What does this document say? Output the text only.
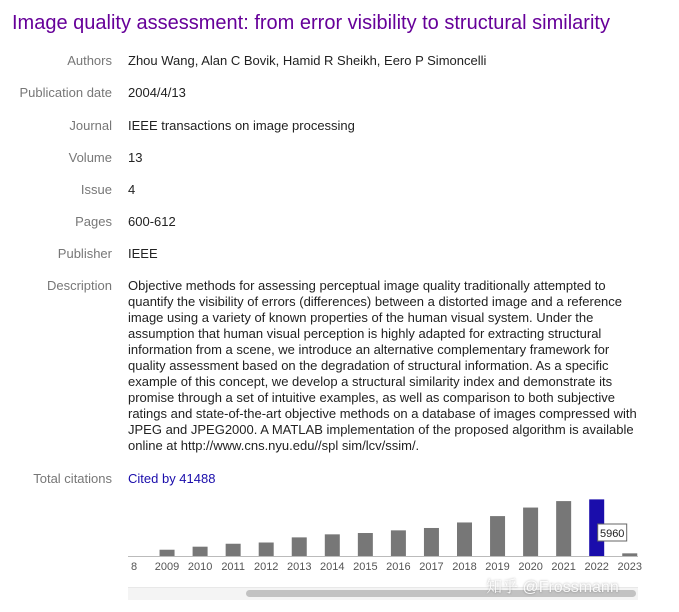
Image quality assessment: from error visibility to structural similarity
Authors Zhou Wang, Alan C Bovik, Hamid R Sheikh, Eero P Simoncelli
Publication date 2004/4/13
Journal IEEE transactions on image processing
Volume 13
Issue 4
Pages 600-612
Publisher IEEE
Description Objective methods for assessing perceptual image quality traditionally attempted to
quantify the visibility of errors (differences) between a distorted image and a reference
image using a variety of known properties of the human visual system. Under the
assumption that human visual perception is highly adapted for extracting structural
information from a scene, we introduce an alternative complementary framework for
quality assessment based on the degradation of structural information. As a specific
example of this concept, we develop a structural similarity index and demonstrate its
promise through a set of intuitive examples, as well as comparison to both subjective
ratings and state-of-the-art objective methods on a database of images compressed with
JPEG and JPEG2000. A MATLAB implementation of the proposed algorithm is available
online at http://www.cns.nyu.edu//spl sim/lcv/ssim/.
Total citations Cited by 41488
8 2009 2010 2011 2012 2013 2014 2015 2016 2017 2018 2019 2020 2021 2022 2023
5960
知乎 @Frossmann
